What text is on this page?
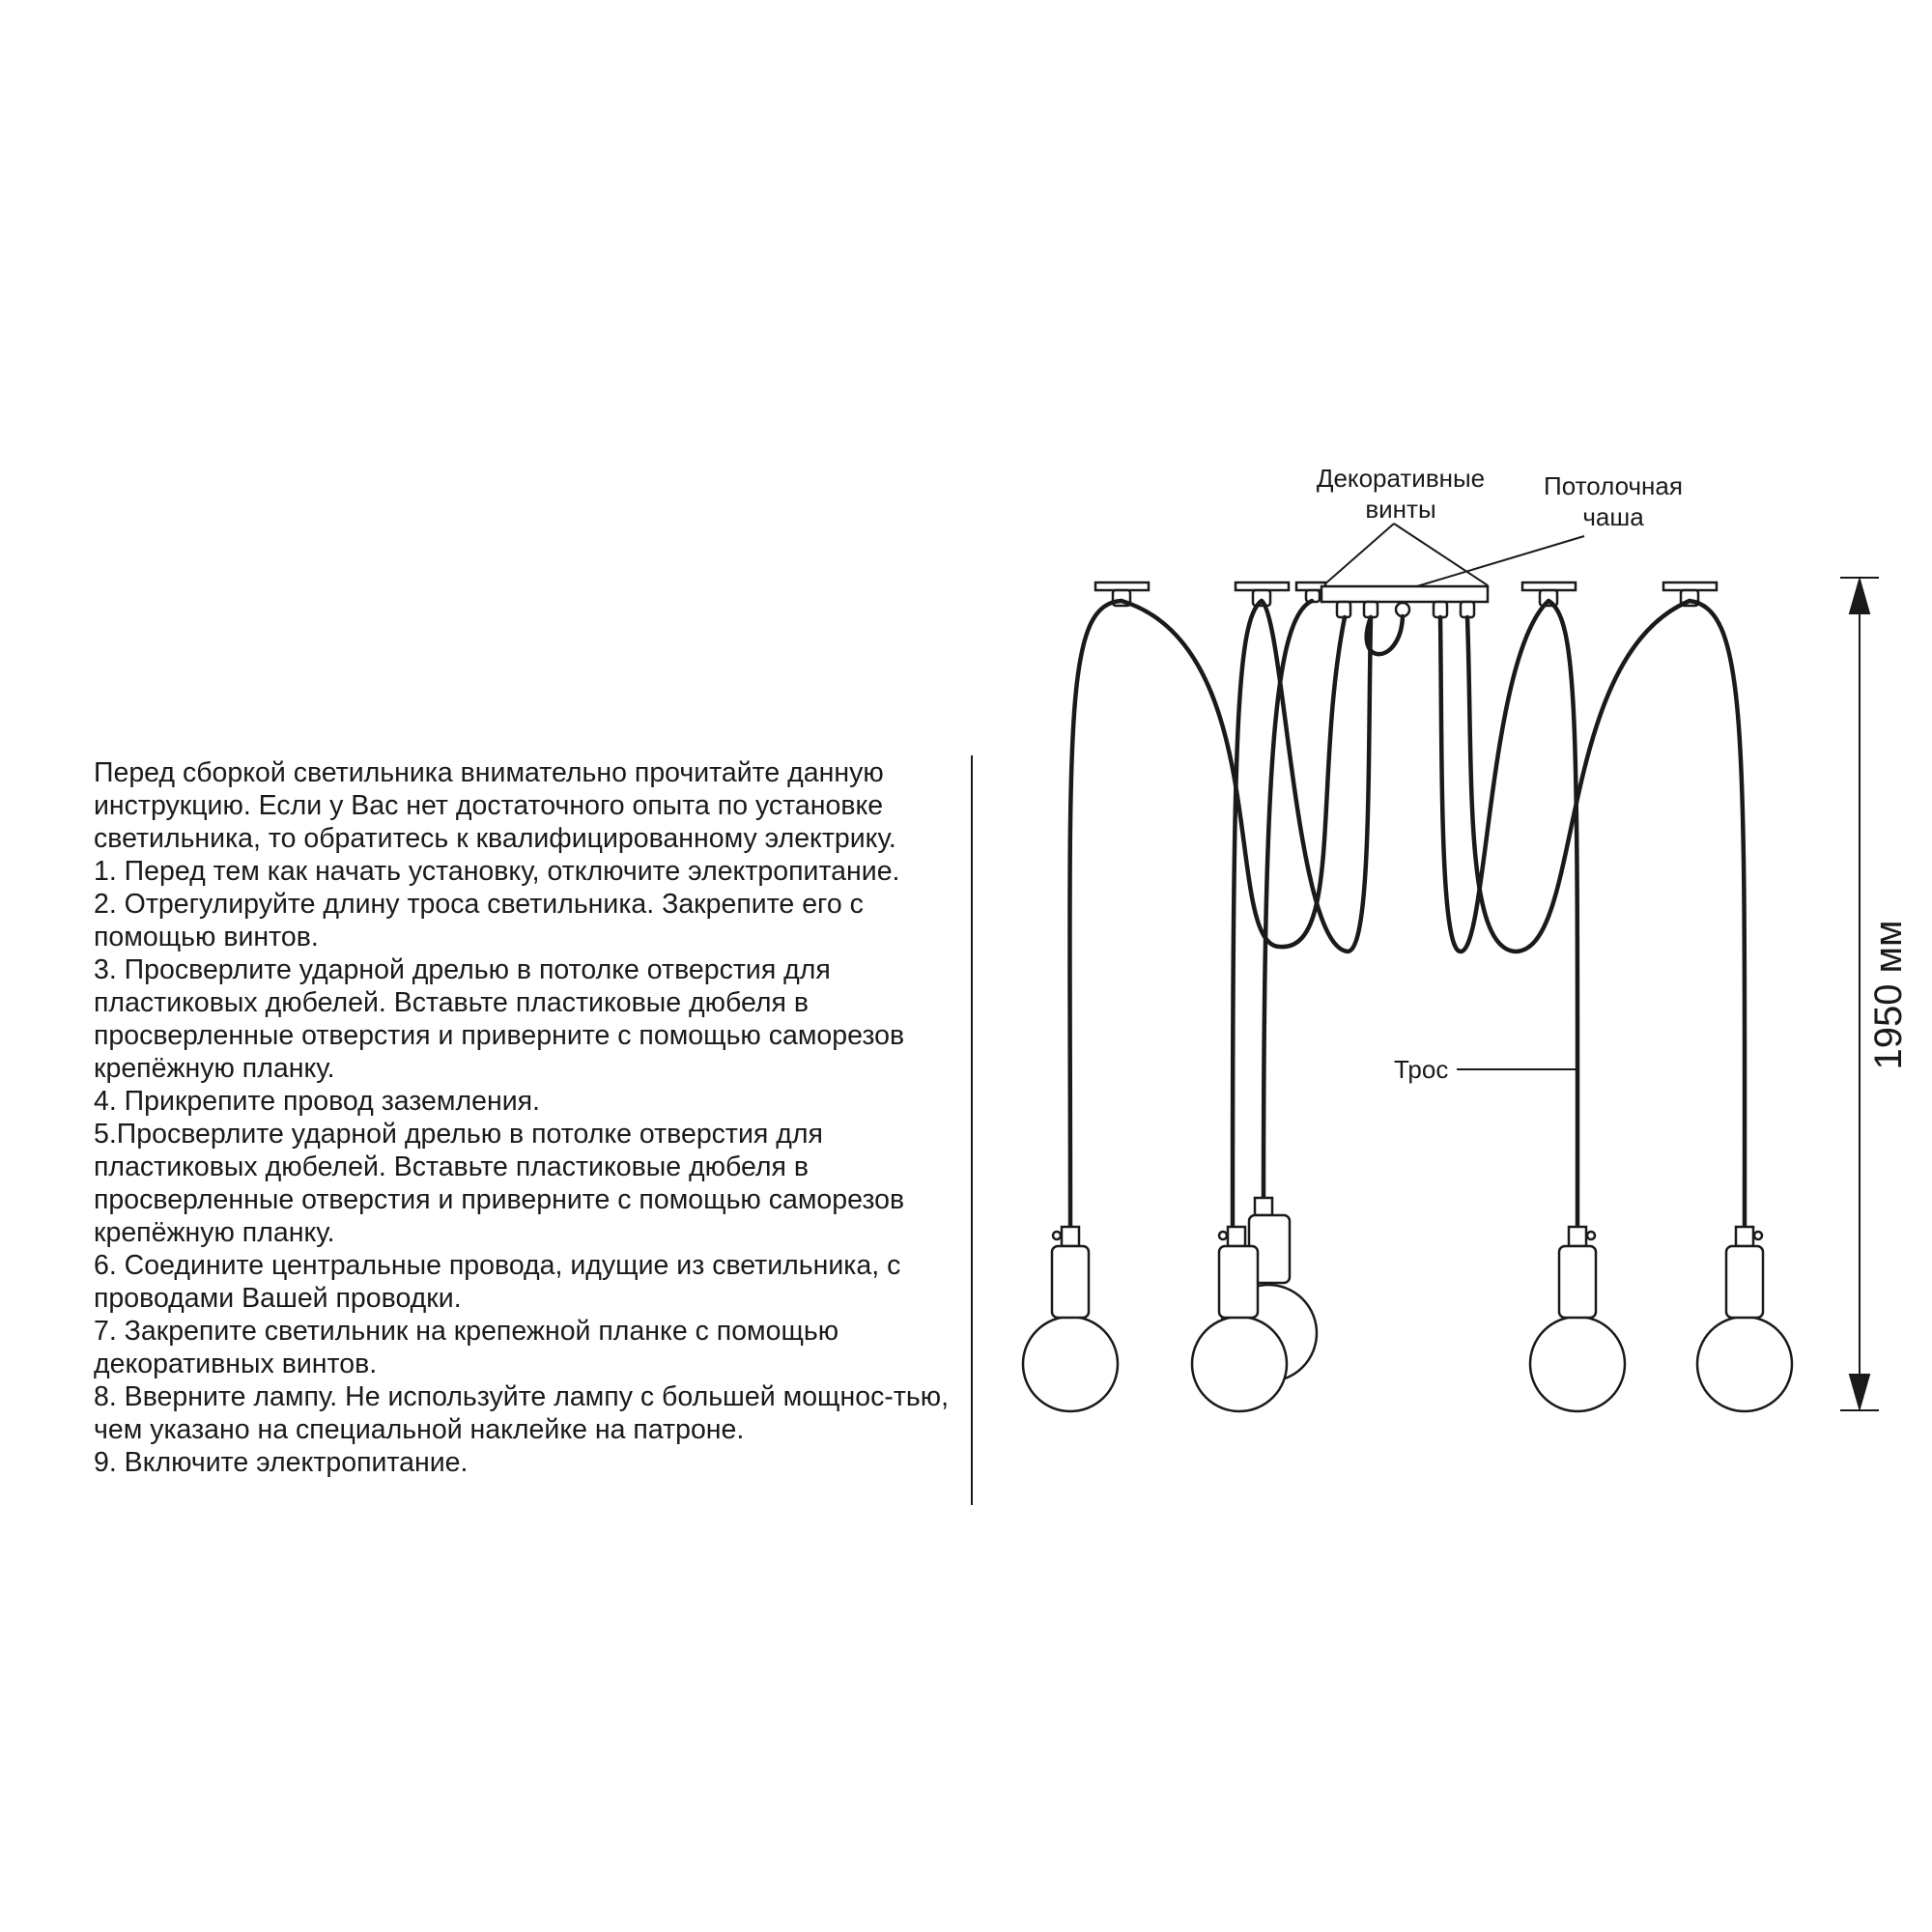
Перед сборкой светильника внимательно прочитайте данную инструкцию. Если у Вас нет достаточного опыта по установке светильника, то обратитесь к квалифицированному электрику.

1. Перед тем как начать установку, отключите электропитание.

2. Отрегулируйте длину троса светильника. Закрепите его с помощью винтов.

3. Просверлите ударной дрелью в потолке отверстия для пластиковых дюбелей. Вставьте пластиковые дюбеля в просверленные отверстия и приверните с помощью саморезов крепёжную планку.

4. Прикрепите провод заземления.

5.Просверлите ударной дрелью в потолке отверстия для пластиковых дюбелей. Вставьте пластиковые дюбеля в просверленные отверстия и приверните с помощью саморезов крепёжную планку.

6. Соедините центральные провода, идущие из светильника, с проводами Вашей проводки.

7. Закрепите светильник на крепежной планке с помощью декоративных винтов.

8. Вверните лампу. Не используйте лампу с большей мощнос-тью, чем указано на специальной наклейке на патроне.

9. Включите электропитание.

Декоративные
винты
Потолочная
чаша
Трос	1950 мм
